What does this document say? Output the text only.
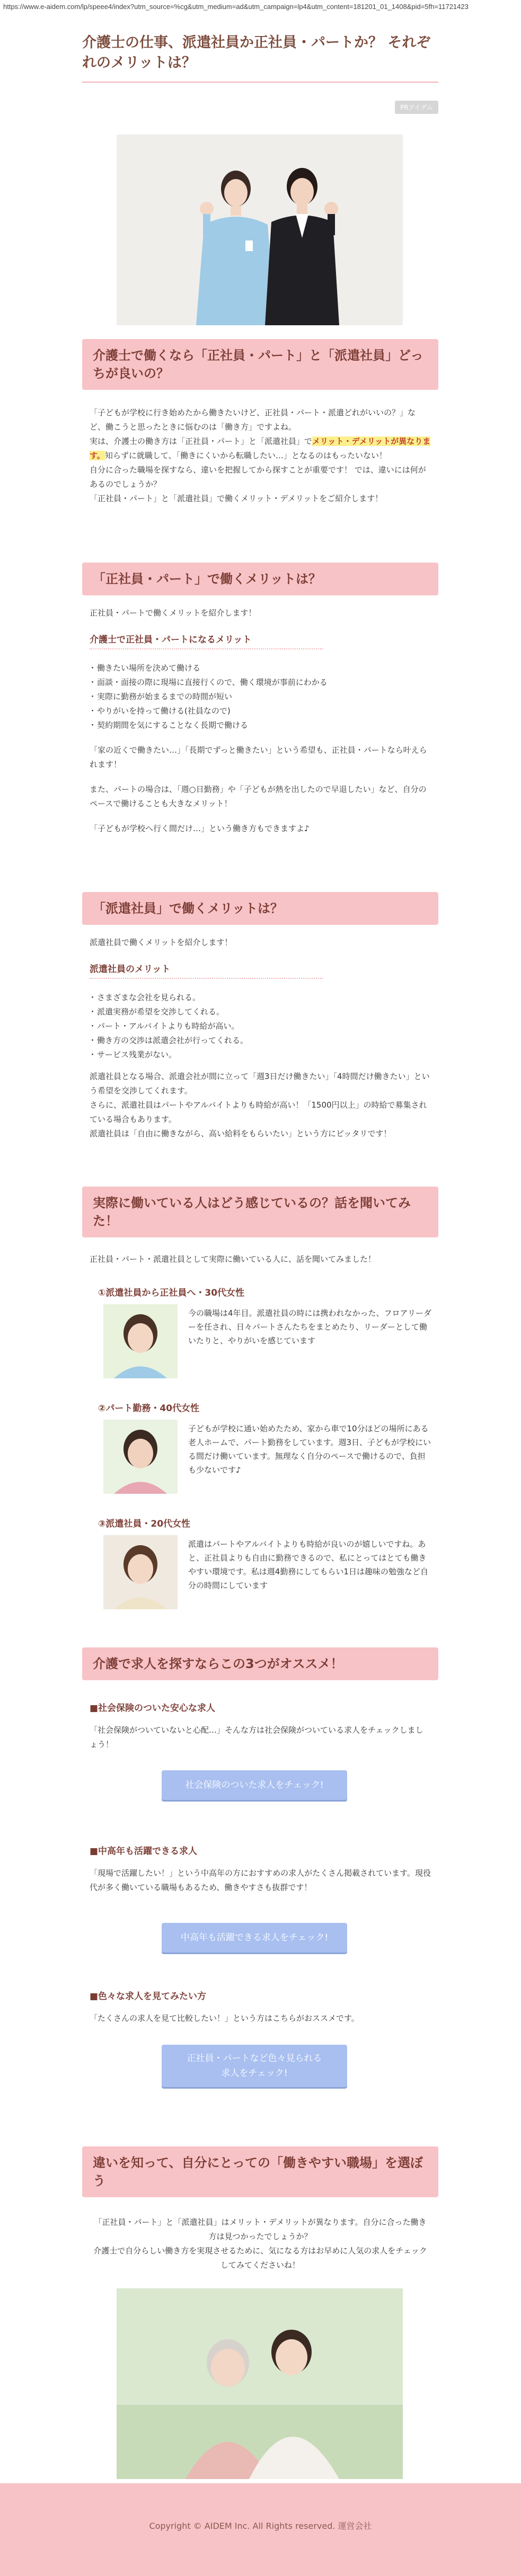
https://www.e-aidem.com/lp/speee4/index?utm_source=%cg&utm_medium=ad&utm_campaign=lp4&utm_content=181201_01_1408&pid=5fh=11721423
介護士の仕事、派遣社員か正社員・パートか？ それぞれのメリットは？
PRアイデム
介護士で働くなら「正社員・パート」と「派遣社員」どっちが良いの？

「子どもが学校に行き始めたから働きたいけど、正社員・パート・派遣どれがいいの？」など、働こうと思ったときに悩むのは「働き方」ですよね。

実は、介護士の働き方は「正社員・パート」と「派遣社員」でメリット・デメリットが異なります。知らずに就職して、「働きにくいから転職したい…」となるのはもったいない！

自分に合った職場を探すなら、違いを把握してから探すことが重要です！ では、違いには何があるのでしょうか？

「正社員・パート」と「派遣社員」で働くメリット・デメリットをご紹介します！

「正社員・パート」で働くメリットは？

正社員・パートで働くメリットを紹介します！

介護士で正社員・パートになるメリット
・ 働きたい場所を決めて働ける
・ 面談・面接の際に現場に直接行くので、働く環境が事前にわかる
・ 実際に勤務が始まるまでの時間が短い
・ やりがいを持って働ける(社員なので)
・ 契約期間を気にすることなく長期で働ける

「家の近くで働きたい…」「長期でずっと働きたい」という希望も、正社員・パートなら叶えられます！

また、パートの場合は、「週○日勤務」や「子どもが熱を出したので早退したい」など、自分のペースで働けることも大きなメリット！

「子どもが学校へ行く間だけ…」という働き方もできますよ♪

「派遣社員」で働くメリットは？

派遣社員で働くメリットを紹介します！

派遣社員のメリット
・ さまざまな会社を見られる。
・ 派遣実務が希望を交渉してくれる。
・ パート・アルバイトよりも時給が高い。
・ 働き方の交渉は派遣会社が行ってくれる。
・ サービス残業がない。

派遣社員となる場合、派遣会社が間に立って「週3日だけ働きたい」「4時間だけ働きたい」という希望を交渉してくれます。

さらに、派遣社員はパートやアルバイトよりも時給が高い！「1500円以上」の時給で募集されている場合もあります。

派遣社員は「自由に働きながら、高い給料をもらいたい」という方にピッタリです！

実際に働いている人はどう感じているの？話を聞いてみた！

正社員・パート・派遣社員として実際に働いている人に、話を聞いてみました！

①派遣社員から正社員へ・30代女性
今の職場は4年目。派遣社員の時には携われなかった、フロアリーダーを任され、日々パートさんたちをまとめたり、リーダーとして働いたりと、やりがいを感じています
②パート勤務・40代女性
子どもが学校に通い始めたため、家から車で10分ほどの場所にある老人ホームで、パート勤務をしています。週3日、子どもが学校にいる間だけ働いています。無理なく自分のペースで働けるので、負担も少ないです♪
③派遣社員・20代女性
派遣はパートやアルバイトよりも時給が良いのが嬉しいですね。あと、正社員よりも自由に勤務できるので、私にとってはとても働きやすい環境です。私は週4勤務にしてもらい1日は趣味の勉強など自分の時間にしています
介護で求人を探すならこの3つがオススメ！
■社会保険のついた安心な求人

「社会保険がついていないと心配…」そんな方は社会保険がついている求人をチェックしましょう！

社会保険のついた求人をチェック!
■中高年も活躍できる求人

「現場で活躍したい！」という中高年の方におすすめの求人がたくさん掲載されています。現役代が多く働いている職場もあるため、働きやすさも抜群です！

中高年も活躍できる求人をチェック!
■色々な求人を見てみたい方

「たくさんの求人を見て比較したい！」という方はこちらがおススメです。

正社員・パートなど色々見られる求人をチェック!
違いを知って、自分にとっての「働きやすい職場」を選ぼう

「正社員・パート」と「派遣社員」はメリット・デメリットが異なります。自分に合った働き方は見つかったでしょうか？

介護士で自分らしい働き方を実現させるために、気になる方はお早めに人気の求人をチェックしてみてくださいね！

Copyright © AIDEM Inc. All Rights reserved. 運営会社
